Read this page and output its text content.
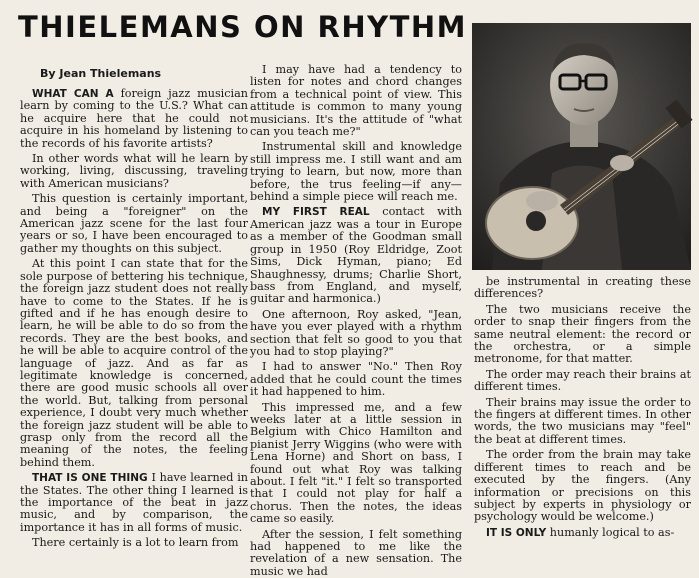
THIELEMANS ON RHYTHM
By Jean Thielemans

WHAT CAN A foreign jazz musician learn by coming to the U.S.? What can he acquire here that he could not acquire in his homeland by listening to the records of his favorite artists?

In other words what will he learn by working, living, discussing, traveling with American musicians?

This question is certainly important, and being a "foreigner" on the American jazz scene for the last four years or so, I have been encouraged to gather my thoughts on this subject.

At this point I can state that for the sole purpose of bettering his technique, the foreign jazz student does not really have to come to the States. If he is gifted and if he has enough desire to learn, he will be able to do so from the records. They are the best books, and he will be able to acquire control of the language of jazz. And as far as legitimate knowledge is concerned, there are good music schools all over the world. But, talking from personal experience, I doubt very much whether the foreign jazz student will be able to grasp only from the record all the meaning of the notes, the feeling behind them.

THAT IS ONE THING I have learned in the States. The other thing I learned is the importance of the beat in jazz music, and by comparison, the importance it has in all forms of music.

There certainly is a lot to learn from

I may have had a tendency to listen for notes and chord changes from a technical point of view. This attitude is common to many young musicians. It's the attitude of "what can you teach me?"

Instrumental skill and knowledge still impress me. I still want and am trying to learn, but now, more than before, the trus feeling—if any—behind a simple piece will reach me.

MY FIRST REAL contact with American jazz was a tour in Europe as a member of the Goodman small group in 1950 (Roy Eldridge, Zoot Sims, Dick Hyman, piano; Ed Shaughnessy, drums; Charlie Short, bass from England, and myself, guitar and harmonica.)

One afternoon, Roy asked, "Jean, have you ever played with a rhythm section that felt so good to you that you had to stop playing?"

I had to answer "No." Then Roy added that he could count the times it had happened to him.

This impressed me, and a few weeks later at a little session in Belgium with Chico Hamilton and pianist Jerry Wiggins (who were with Lena Horne) and Short on bass, I found out what Roy was talking about. I felt "it." I felt so transported that I could not play for half a chorus. Then the notes, the ideas came so easily.

After the session, I felt something had happened to me like the revelation of a new sensation. The music we had

be instrumental in creating these differences?

The two musicians receive the order to snap their fingers from the same neutral element: the record or the orchestra, or a simple metronome, for that matter.

The order may reach their brains at different times.

Their brains may issue the order to the fingers at different times. In other words, the two musicians may "feel" the beat at different times.

The order from the brain may take different times to reach and be executed by the fingers. (Any information or precisions on this subject by experts in physiology or psychology would be welcome.)

IT IS ONLY humanly logical to as-
